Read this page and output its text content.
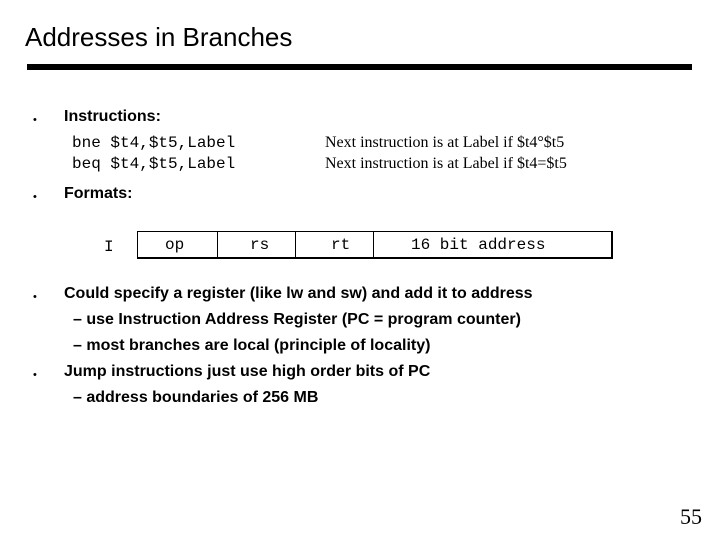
Addresses in Branches
• Instructions:
bne $t4,$t5,Label	Next instruction is at Label if $t4°$t5
beq $t4,$t5,Label	Next instruction is at Label if $t4=$t5
• Formats:
I	op	rs	rt	16 bit address
• Could specify a register (like lw and sw) and add it to address
– use Instruction Address Register (PC = program counter)
– most branches are local (principle of locality)
• Jump instructions just use high order bits of PC
– address boundaries of 256 MB
55
